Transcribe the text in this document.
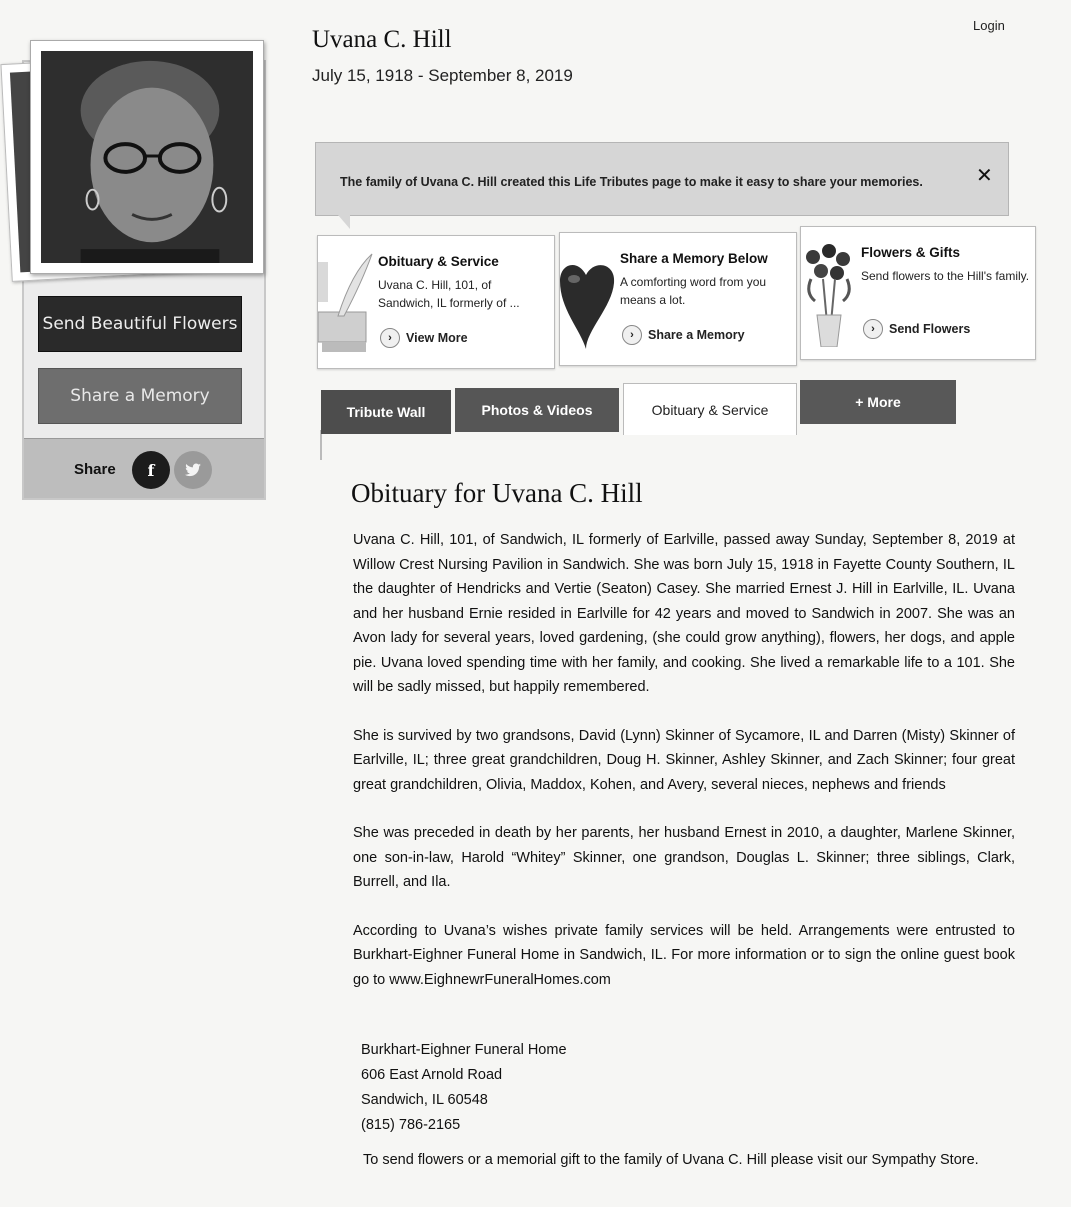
Login
Uvana C. Hill
July 15, 1918 - September 8, 2019
Send Beautiful Flowers
Share a Memory
Share	f
The family of Uvana C. Hill created this Life Tributes page to make it easy to share your memories.	✕
Obituary & Service
Uvana C. Hill, 101, of Sandwich, IL formerly of ...
›	View More
Share a Memory Below
A comforting word from you means a lot.
›	Share a Memory
Flowers & Gifts
Send flowers to the Hill's family.
›	Send Flowers
Tribute Wall	Photos & Videos	Obituary & Service	+ More
Obituary for Uvana C. Hill

Uvana C. Hill, 101, of Sandwich, IL formerly of Earlville, passed away Sunday, September 8, 2019 at Willow Crest Nursing Pavilion in Sandwich. She was born July 15, 1918 in Fayette County Southern, IL the daughter of Hendricks and Vertie (Seaton) Casey. She married Ernest J. Hill in Earlville, IL. Uvana and her husband Ernie resided in Earlville for 42 years and moved to Sandwich in 2007. She was an Avon lady for several years, loved gardening, (she could grow anything), flowers, her dogs, and apple pie. Uvana loved spending time with her family, and cooking. She lived a remarkable life to a 101. She will be sadly missed, but happily remembered.

She is survived by two grandsons, David (Lynn) Skinner of Sycamore, IL and Darren (Misty) Skinner of Earlville, IL; three great grandchildren, Doug H. Skinner, Ashley Skinner, and Zach Skinner; four great great grandchildren, Olivia, Maddox, Kohen, and Avery, several nieces, nephews and friends

She was preceded in death by her parents, her husband Ernest in 2010, a daughter, Marlene Skinner, one son-in-law, Harold “Whitey” Skinner, one grandson, Douglas L. Skinner; three siblings, Clark, Burrell, and Ila.

According to Uvana’s wishes private family services will be held. Arrangements were entrusted to Burkhart-Eighner Funeral Home in Sandwich, IL. For more information or to sign the online guest book go to www.EighnewrFuneralHomes.com

Burkhart-Eighner Funeral Home
606 East Arnold Road
Sandwich, IL 60548
(815) 786-2165
To send flowers or a memorial gift to the family of Uvana C. Hill please visit our Sympathy Store.
